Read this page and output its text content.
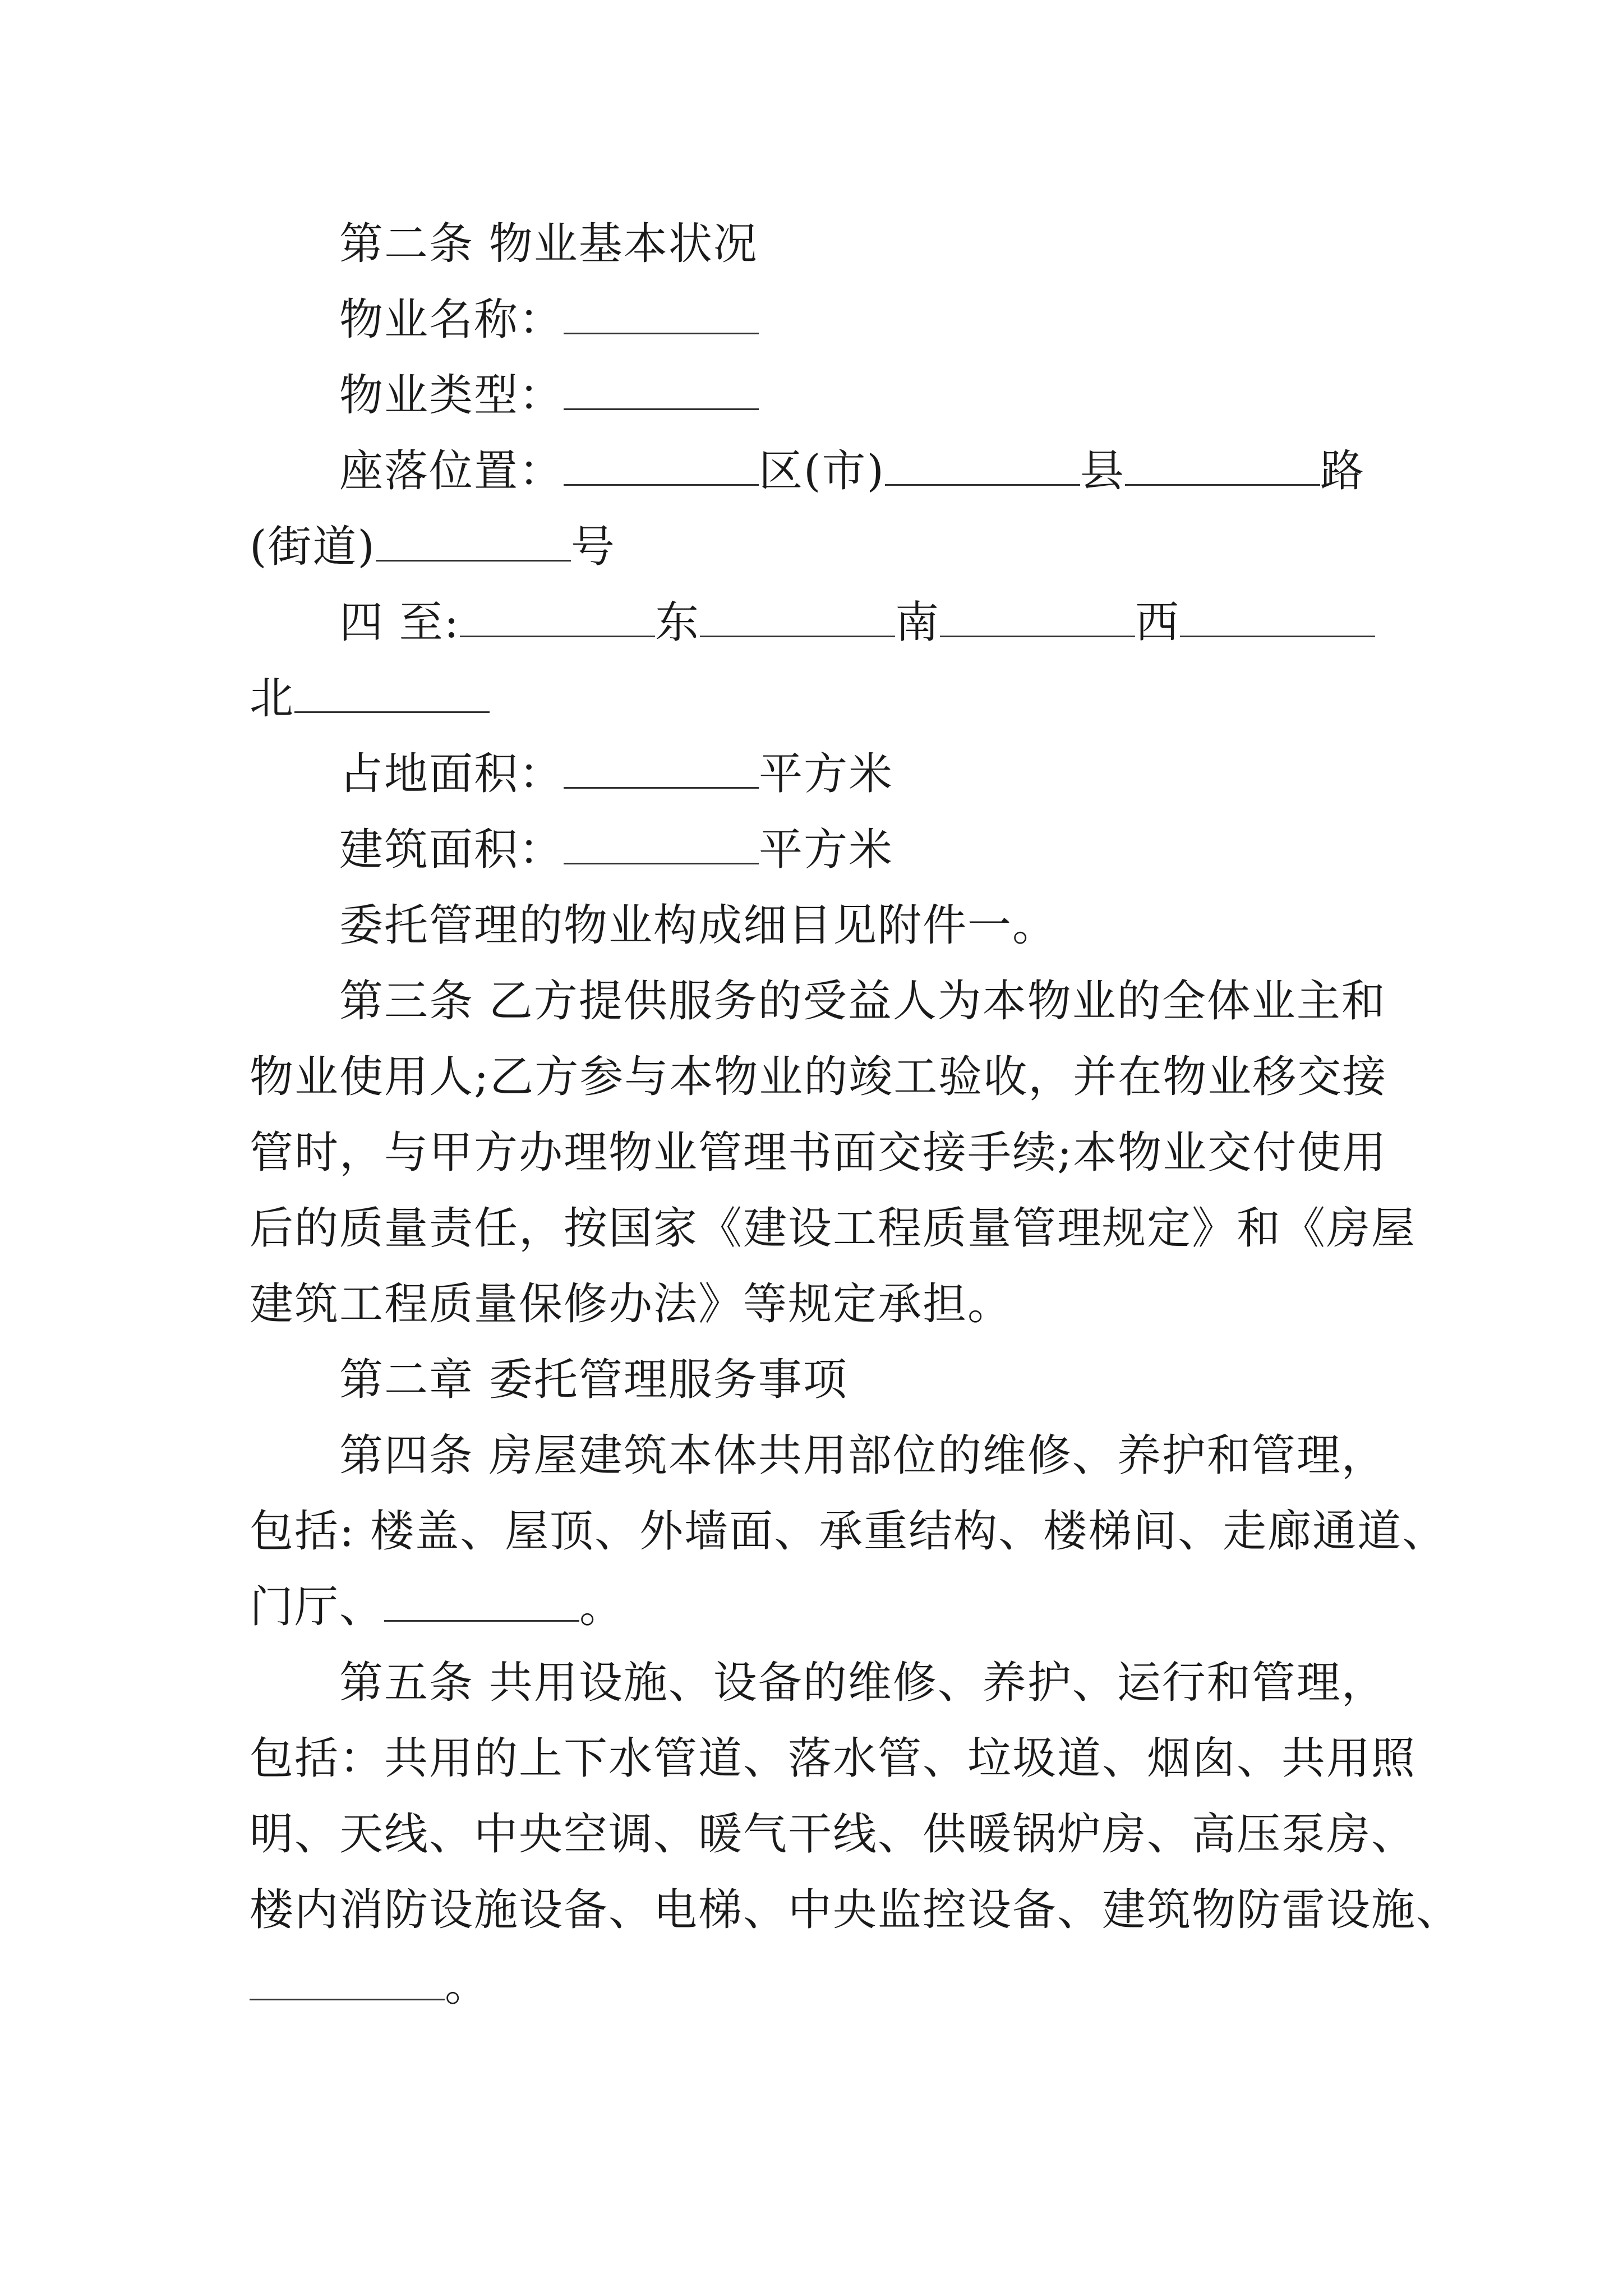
第二条 物业基本状况
物业名称：
物业类型：
座落位置：	区(市)	县	路
(街道)	号
四 至:	东	南	西
北
占地面积：	平方米
建筑面积：	平方米
委托管理的物业构成细目见附件一。
第三条 乙方提供服务的受益人为本物业的全体业主和
物业使用人;乙方参与本物业的竣工验收，并在物业移交接
管时，与甲方办理物业管理书面交接手续;本物业交付使用
后的质量责任，按国家《建设工程质量管理规定》和《房屋
建筑工程质量保修办法》等规定承担。
第二章 委托管理服务事项
第四条 房屋建筑本体共用部位的维修、养护和管理，
包括: 楼盖、屋顶、外墙面、承重结构、楼梯间、走廊通道、
门厅、	。
第五条 共用设施、设备的维修、养护、运行和管理，
包括：共用的上下水管道、落水管、垃圾道、烟囱、共用照
明、天线、中央空调、暖气干线、供暖锅炉房、高压泵房、
楼内消防设施设备、电梯、中央监控设备、建筑物防雷设施、
。
